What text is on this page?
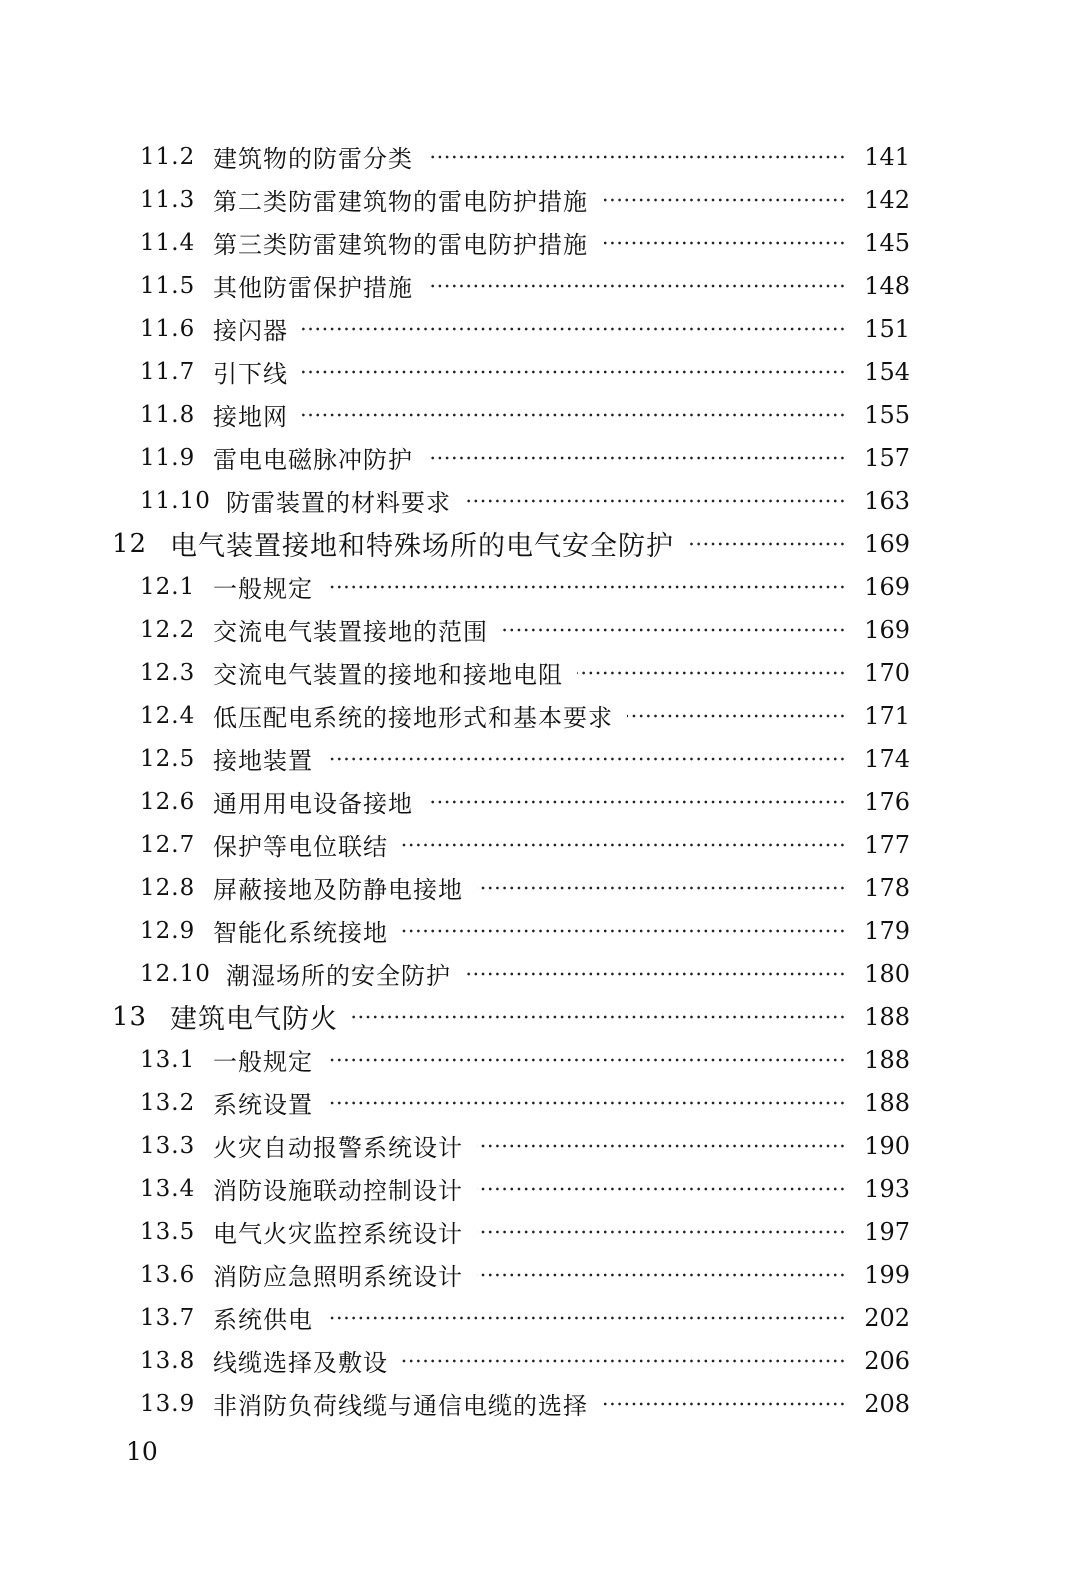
11.2 建筑物的防雷分类	141
11.3 第二类防雷建筑物的雷电防护措施	142
11.4 第三类防雷建筑物的雷电防护措施	145
11.5 其他防雷保护措施	148
11.6 接闪器	151
11.7 引下线	154
11.8 接地网	155
11.9 雷电电磁脉冲防护	157
11.10 防雷装置的材料要求	163
12 电气装置接地和特殊场所的电气安全防护	169
12.1 一般规定	169
12.2 交流电气装置接地的范围	169
12.3 交流电气装置的接地和接地电阻	170
12.4 低压配电系统的接地形式和基本要求	171
12.5 接地装置	174
12.6 通用用电设备接地	176
12.7 保护等电位联结	177
12.8 屏蔽接地及防静电接地	178
12.9 智能化系统接地	179
12.10 潮湿场所的安全防护	180
13 建筑电气防火	188
13.1 一般规定	188
13.2 系统设置	188
13.3 火灾自动报警系统设计	190
13.4 消防设施联动控制设计	193
13.5 电气火灾监控系统设计	197
13.6 消防应急照明系统设计	199
13.7 系统供电	202
13.8 线缆选择及敷设	206
13.9 非消防负荷线缆与通信电缆的选择	208
10
